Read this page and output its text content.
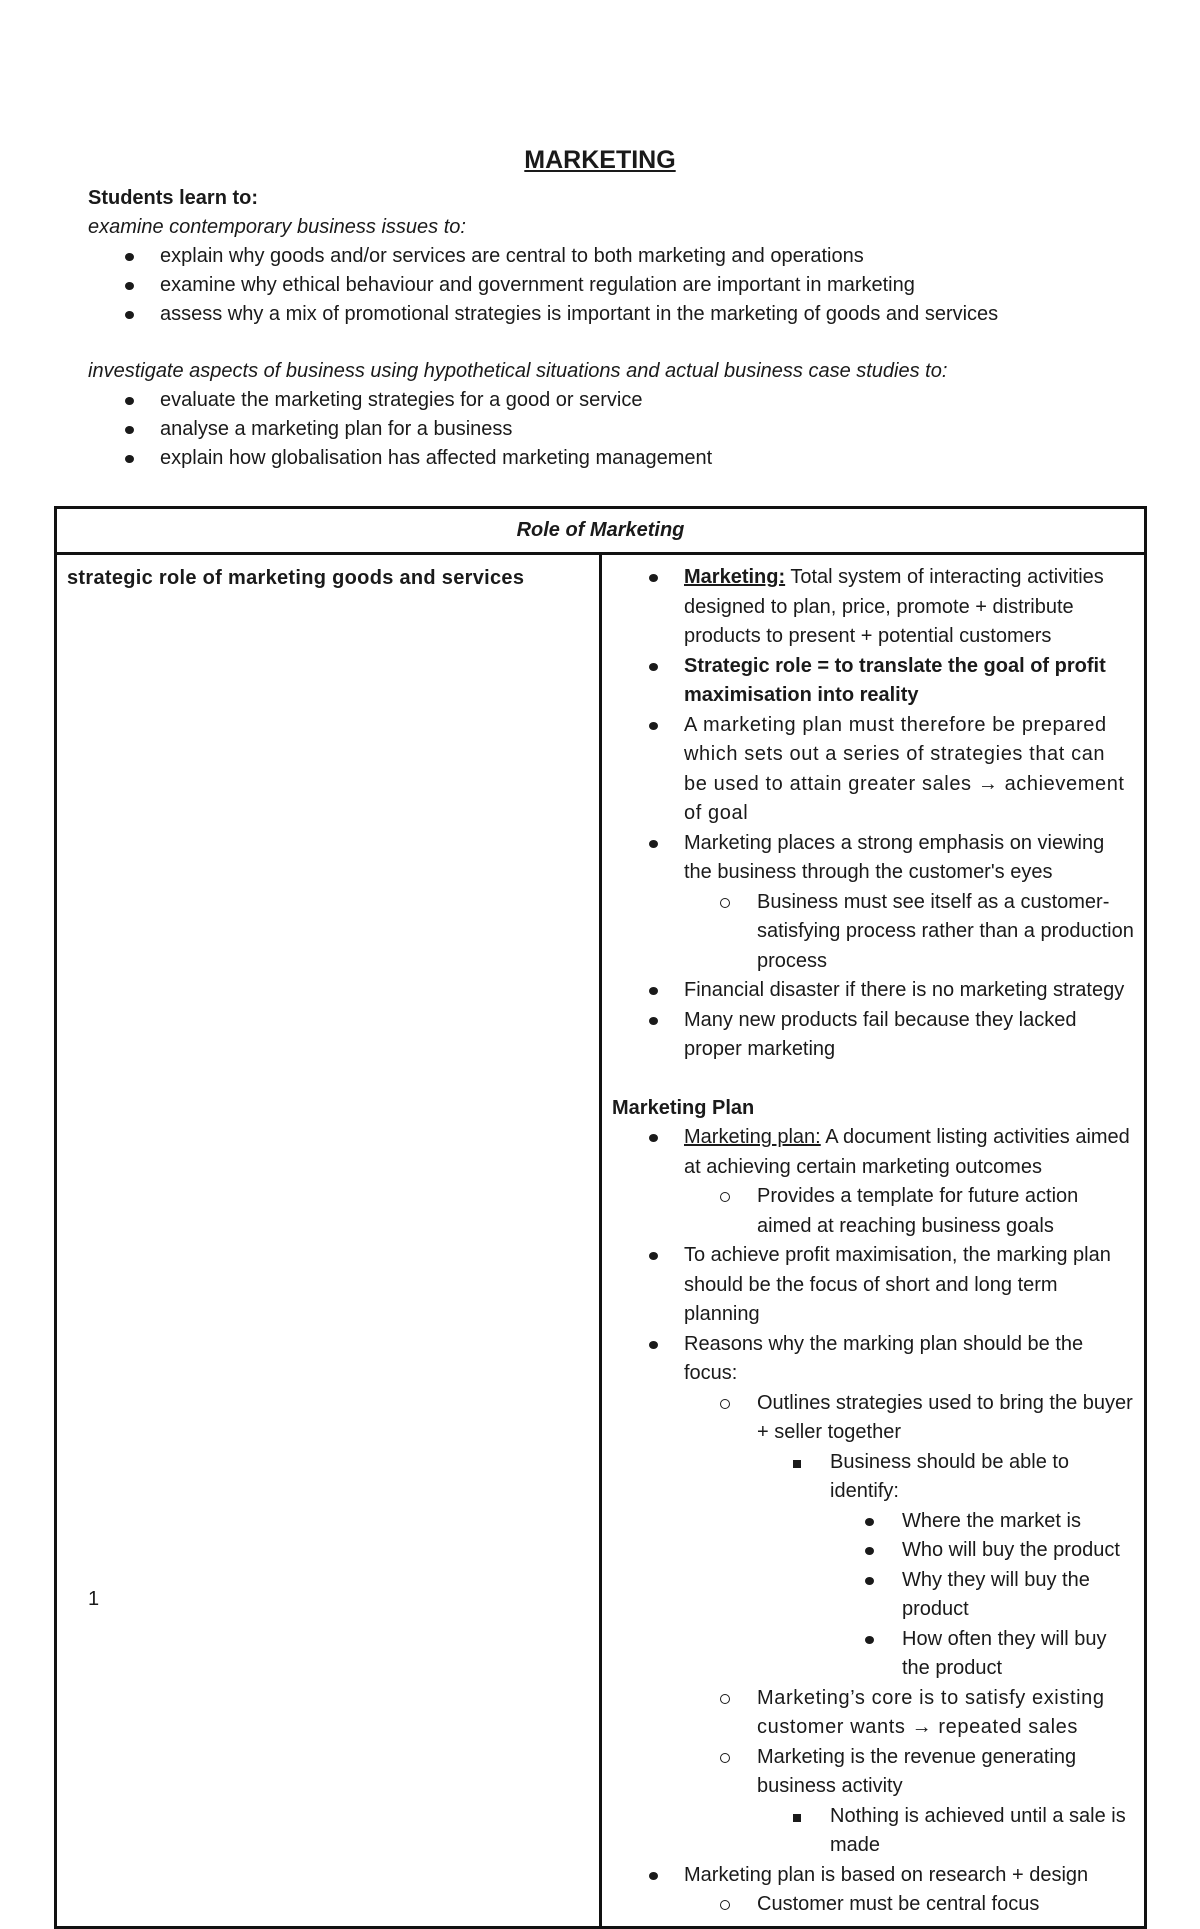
MARKETING
Students learn to:
examine contemporary business issues to:
explain why goods and/or services are central to both marketing and operations
examine why ethical behaviour and government regulation are important in marketing
assess why a mix of promotional strategies is important in the marketing of goods and services
investigate aspects of business using hypothetical situations and actual business case studies to:
evaluate the marketing strategies for a good or service
analyse a marketing plan for a business
explain how globalisation has affected marketing management
Role of Marketing
strategic role of marketing goods and services	Marketing: Total system of interacting activities designed to plan, price, promote + distribute products to present + potential customers
Strategic role = to translate the goal of profit maximisation into reality
A marketing plan must therefore be prepared which sets out a series of strategies that can be used to attain greater sales → achievement of goal
Marketing places a strong emphasis on viewing the business through the customer's eyes
Business must see itself as a customer-satisfying process rather than a production process
Financial disaster if there is no marketing strategy
Many new products fail because they lacked proper marketing
Marketing Plan
Marketing plan: A document listing activities aimed at achieving certain marketing outcomes
Provides a template for future action aimed at reaching business goals
To achieve profit maximisation, the marking plan should be the focus of short and long term planning
Reasons why the marking plan should be the focus:
Outlines strategies used to bring the buyer + seller together
Business should be able to identify:
Where the market is
Who will buy the product
Why they will buy the product
How often they will buy the product
Marketing’s core is to satisfy existing customer wants → repeated sales
Marketing is the revenue generating business activity
Nothing is achieved until a sale is made
Marketing plan is based on research + design
Customer must be central focus
1
